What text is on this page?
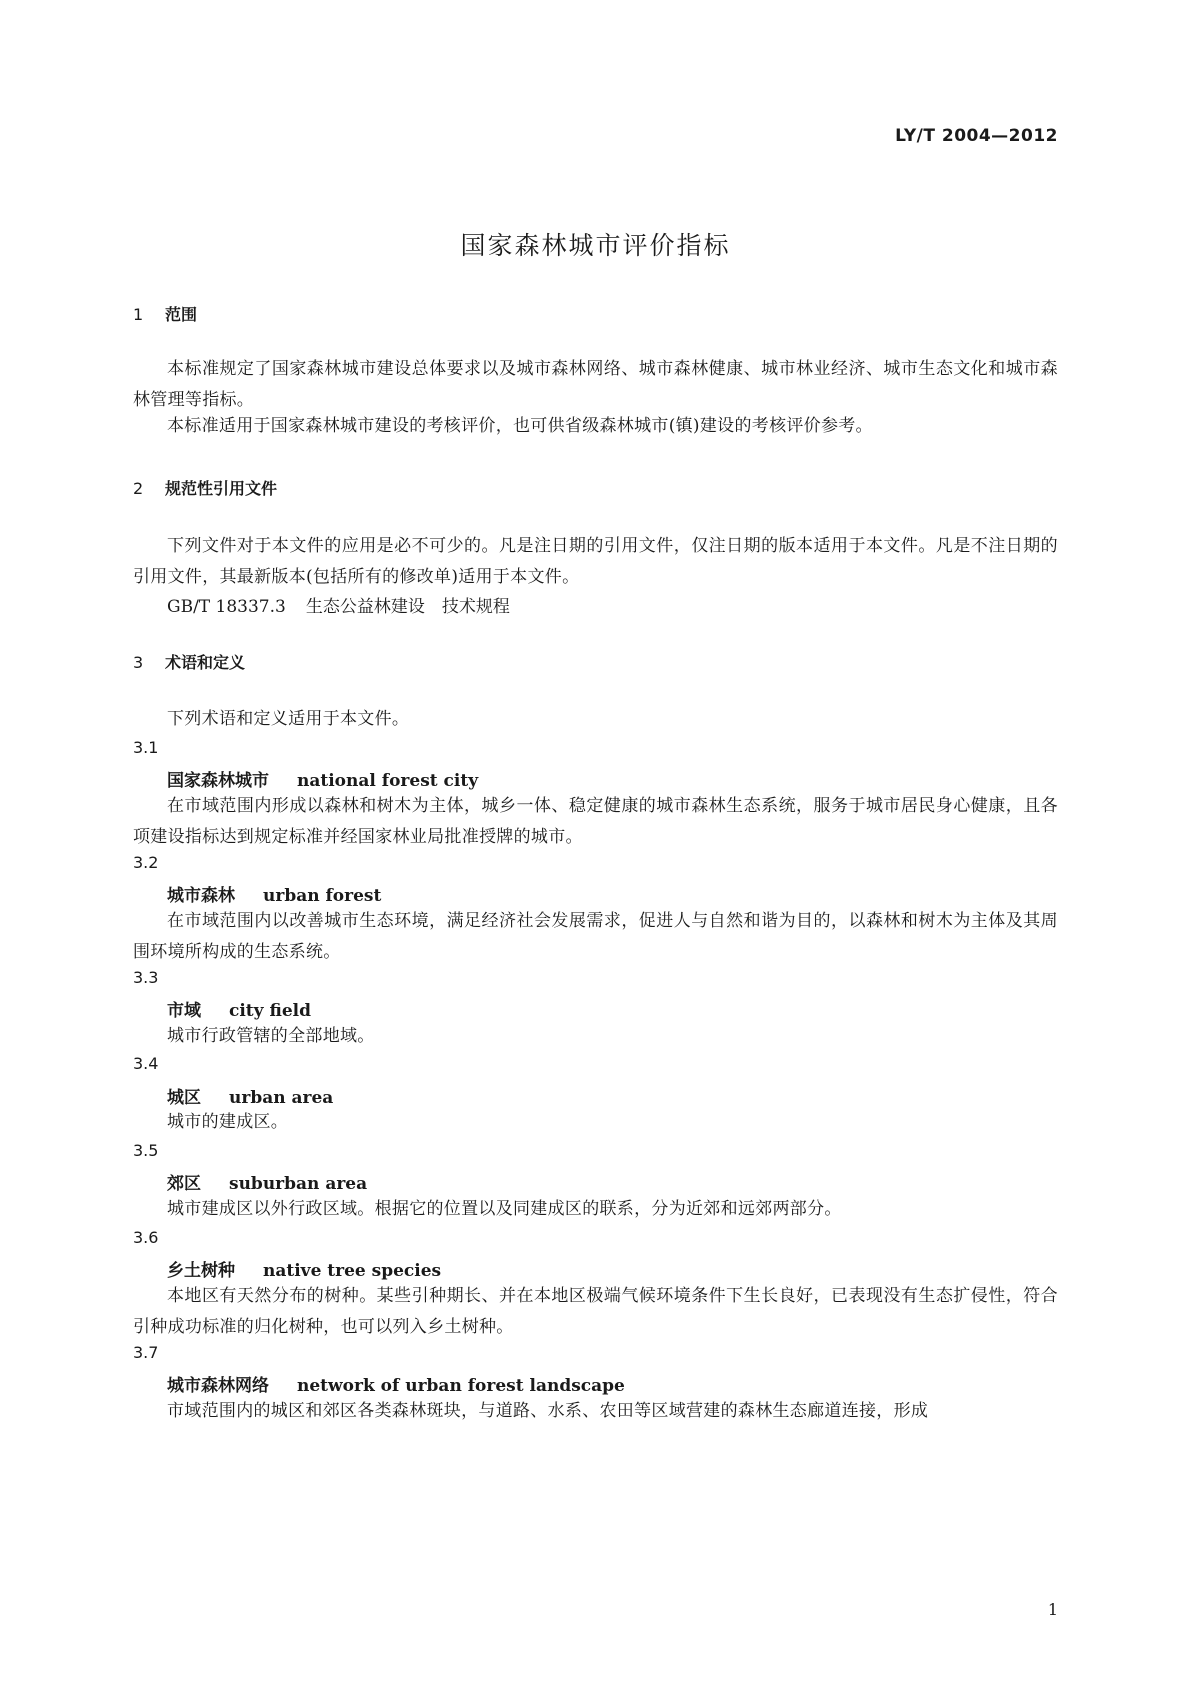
LY/T 2004—2012
国家森林城市评价指标
1 范围
本标准规定了国家森林城市建设总体要求以及城市森林网络、城市森林健康、城市林业经济、城市生态文化和城市森林管理等指标。
本标准适用于国家森林城市建设的考核评价，也可供省级森林城市(镇)建设的考核评价参考。
2 规范性引用文件
下列文件对于本文件的应用是必不可少的。凡是注日期的引用文件，仅注日期的版本适用于本文件。凡是不注日期的引用文件，其最新版本(包括所有的修改单)适用于本文件。
GB/T 18337.3 生态公益林建设　技术规程
3 术语和定义
下列术语和定义适用于本文件。
3.1
国家森林城市 national forest city
在市域范围内形成以森林和树木为主体，城乡一体、稳定健康的城市森林生态系统，服务于城市居民身心健康，且各项建设指标达到规定标准并经国家林业局批准授牌的城市。
3.2
城市森林 urban forest
在市域范围内以改善城市生态环境，满足经济社会发展需求，促进人与自然和谐为目的，以森林和树木为主体及其周围环境所构成的生态系统。
3.3
市域 city field
城市行政管辖的全部地域。
3.4
城区 urban area
城市的建成区。
3.5
郊区 suburban area
城市建成区以外行政区域。根据它的位置以及同建成区的联系，分为近郊和远郊两部分。
3.6
乡土树种 native tree species
本地区有天然分布的树种。某些引种期长、并在本地区极端气候环境条件下生长良好，已表现没有生态扩侵性，符合引种成功标准的归化树种，也可以列入乡土树种。
3.7
城市森林网络 network of urban forest landscape
市域范围内的城区和郊区各类森林斑块，与道路、水系、农田等区域营建的森林生态廊道连接，形成
1
